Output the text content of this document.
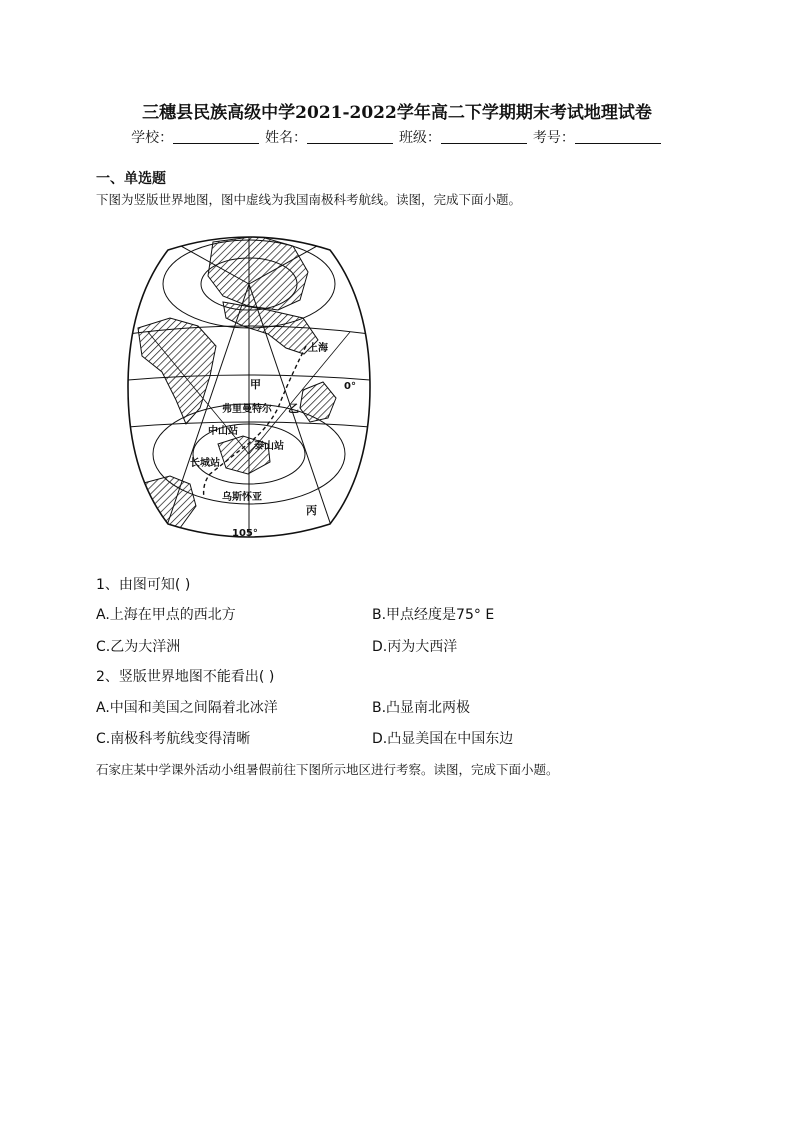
三穗县民族高级中学2021-2022学年高二下学期期末考试地理试卷
学校：	姓名：	班级：	考号：
一、单选题
下图为竖版世界地图，图中虚线为我国南极科考航线。读图，完成下面小题。
上海
0°
甲
弗里曼特尔 乙
中山站
泰山站
长城站
乌斯怀亚
丙
105°
1、由图可知( )
A.上海在甲点的西北方	B.甲点经度是75° E
C.乙为大洋洲	D.丙为大西洋
2、竖版世界地图不能看出( )
A.中国和美国之间隔着北冰洋	B.凸显南北两极
C.南极科考航线变得清晰	D.凸显美国在中国东边
石家庄某中学课外活动小组暑假前往下图所示地区进行考察。读图，完成下面小题。
